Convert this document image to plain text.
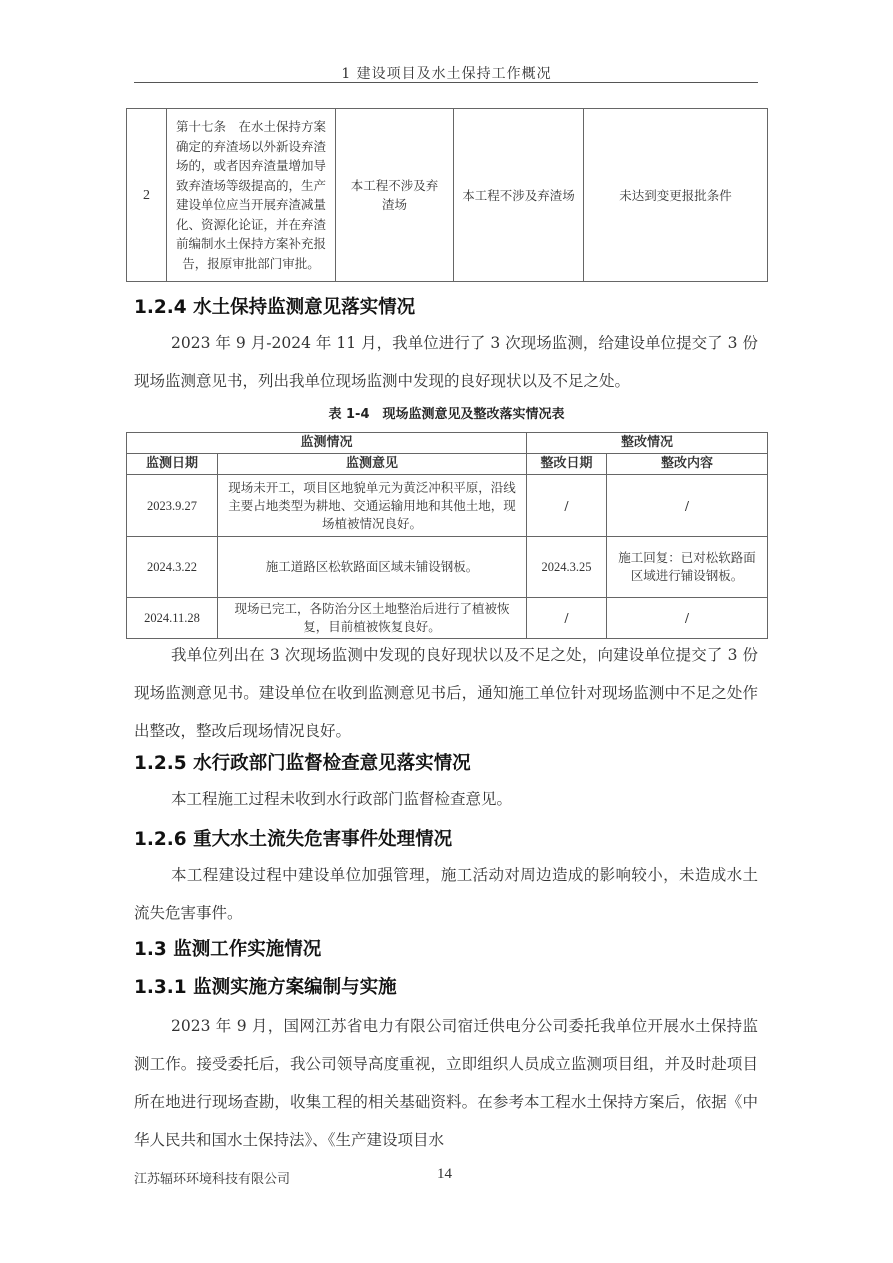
1 建设项目及水土保持工作概况
2	第十七条　在水土保持方案确定的弃渣场以外新设弃渣场的，或者因弃渣量增加导致弃渣场等级提高的，生产建设单位应当开展弃渣减量化、资源化论证，并在弃渣前编制水土保持方案补充报告，报原审批部门审批。	本工程不涉及弃渣场	本工程不涉及弃渣场	未达到变更报批条件
1.2.4 水土保持监测意见落实情况
2023 年 9 月-2024 年 11 月，我单位进行了 3 次现场监测，给建设单位提交了 3 份现场监测意见书，列出我单位现场监测中发现的良好现状以及不足之处。
表 1-4　现场监测意见及整改落实情况表
监测情况		整改情况	
监测日期	监测意见	整改日期	整改内容
2023.9.27	现场未开工，项目区地貌单元为黄泛冲积平原，沿线主要占地类型为耕地、交通运输用地和其他土地，现场植被情况良好。	/	/
2024.3.22	施工道路区松软路面区域未铺设钢板。	2024.3.25	施工回复：已对松软路面区域进行铺设钢板。
2024.11.28	现场已完工，各防治分区土地整治后进行了植被恢复，目前植被恢复良好。	/	/
我单位列出在 3 次现场监测中发现的良好现状以及不足之处，向建设单位提交了 3 份现场监测意见书。建设单位在收到监测意见书后，通知施工单位针对现场监测中不足之处作出整改，整改后现场情况良好。
1.2.5 水行政部门监督检查意见落实情况
本工程施工过程未收到水行政部门监督检查意见。
1.2.6 重大水土流失危害事件处理情况
本工程建设过程中建设单位加强管理，施工活动对周边造成的影响较小，未造成水土流失危害事件。
1.3 监测工作实施情况
1.3.1 监测实施方案编制与实施
2023 年 9 月，国网江苏省电力有限公司宿迁供电分公司委托我单位开展水土保持监测工作。接受委托后，我公司领导高度重视，立即组织人员成立监测项目组，并及时赴项目所在地进行现场查勘，收集工程的相关基础资料。在参考本工程水土保持方案后，依据《中华人民共和国水土保持法》、《生产建设项目水
江苏辐环环境科技有限公司	14
